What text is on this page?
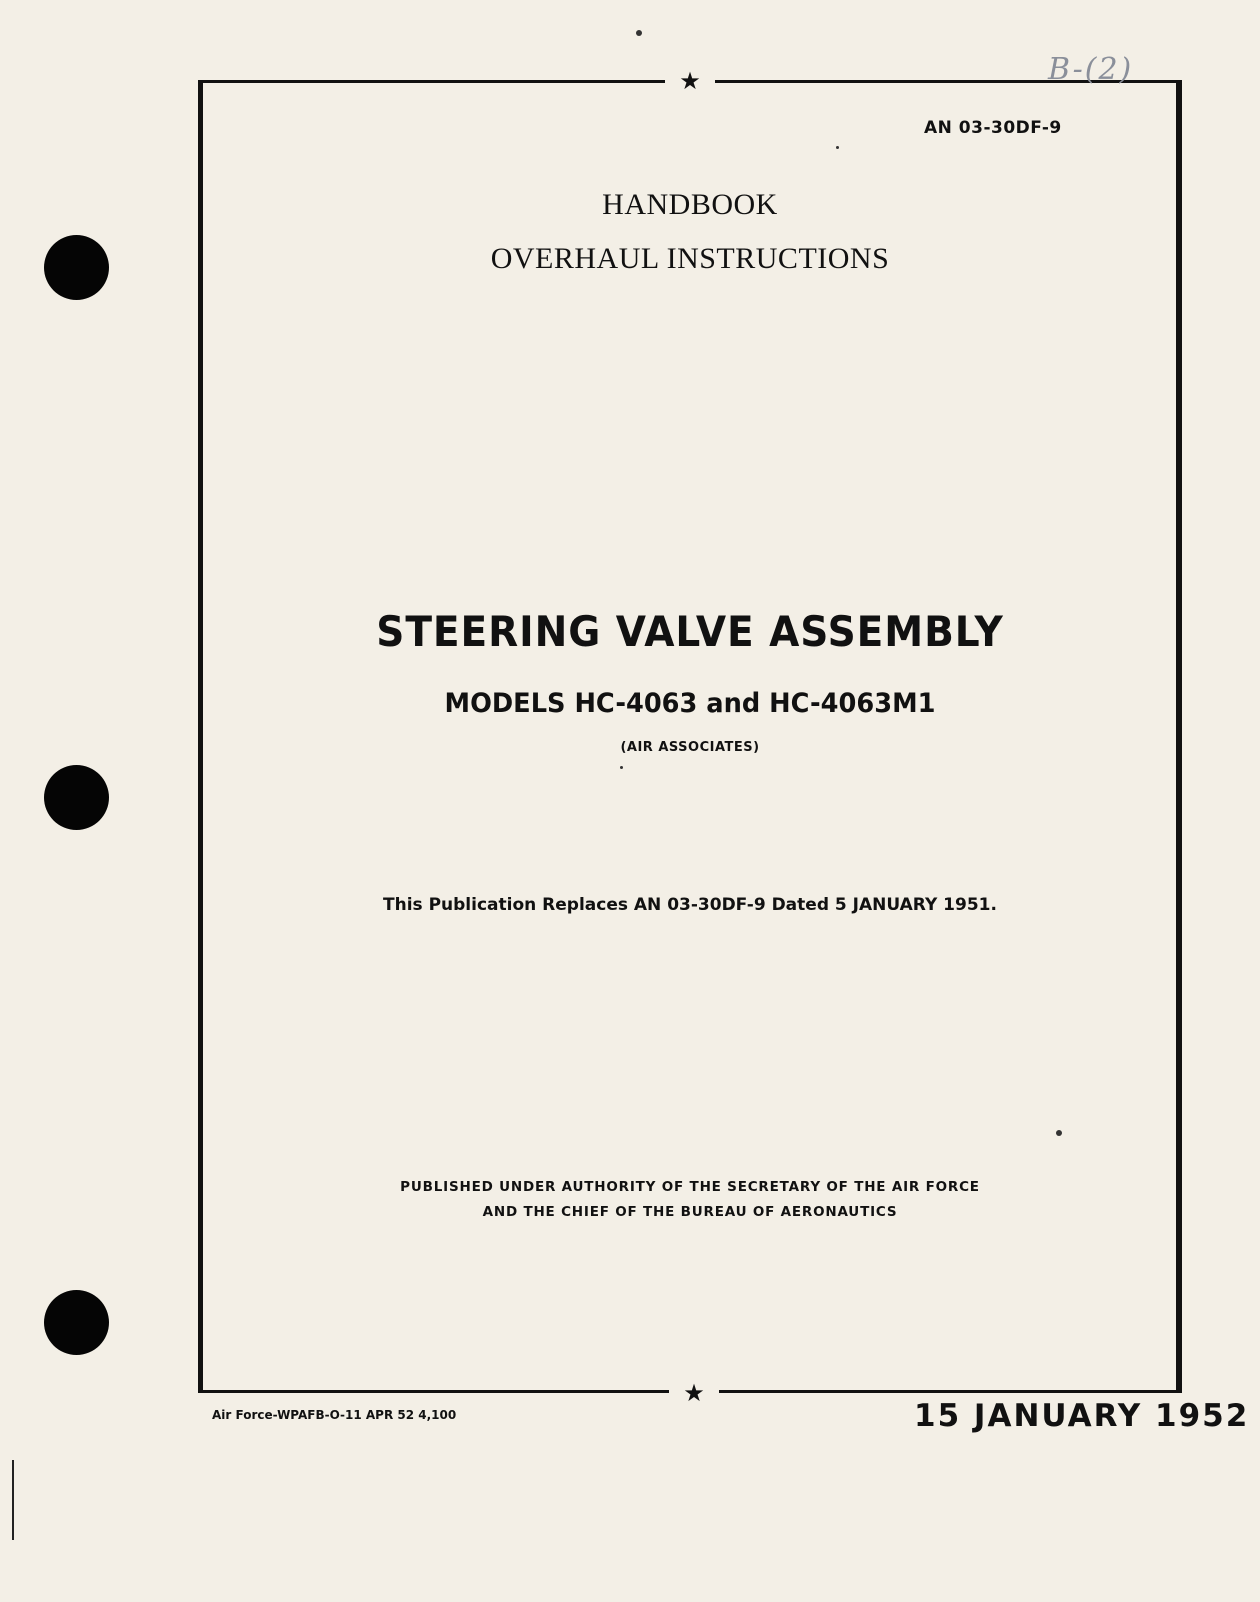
★
★
B-(2)
AN 03-30DF-9
HANDBOOK
OVERHAUL INSTRUCTIONS
STEERING VALVE ASSEMBLY
MODELS HC-4063 and HC-4063M1
(AIR ASSOCIATES)
This Publication Replaces AN 03-30DF-9 Dated 5 JANUARY 1951.
PUBLISHED UNDER AUTHORITY OF THE SECRETARY OF THE AIR FORCE
AND THE CHIEF OF THE BUREAU OF AERONAUTICS
Air Force-WPAFB-O-11 APR 52 4,100	15 JANUARY 1952
